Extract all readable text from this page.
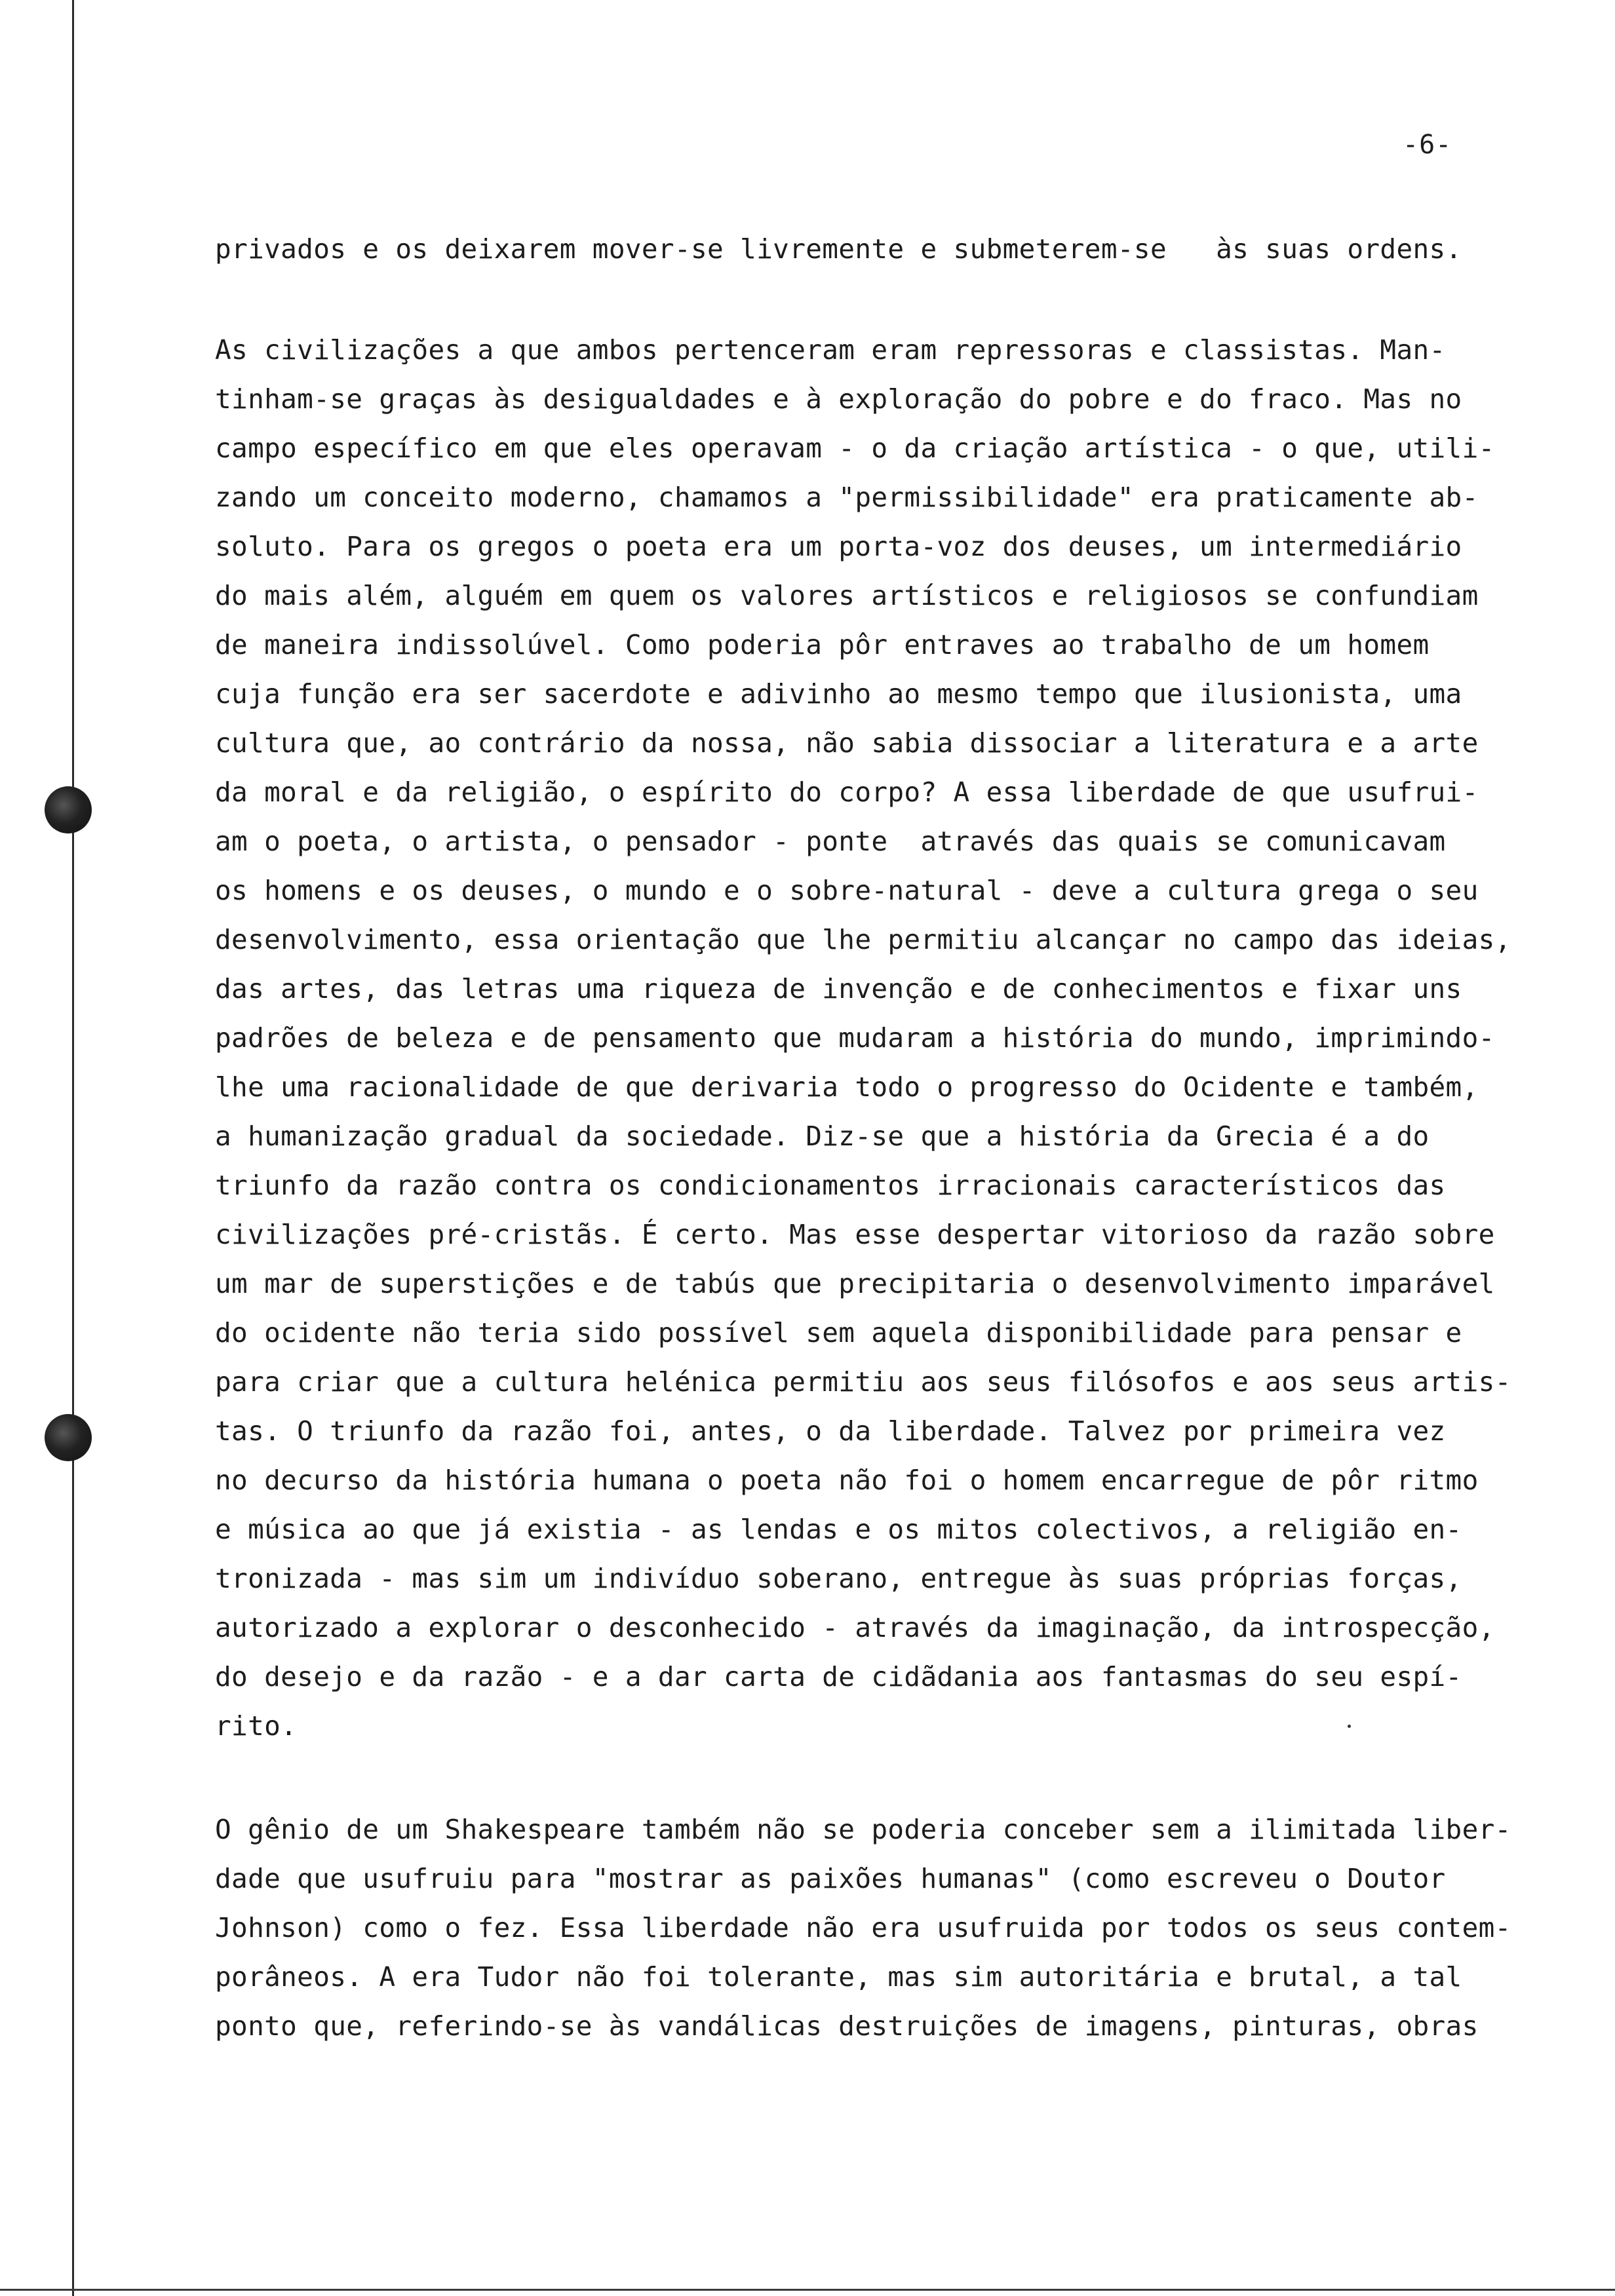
-6-
privados e os deixarem mover-se livremente e submeterem-se   às suas ordens.
As civilizações a que ambos pertenceram eram repressoras e classistas. Man-
tinham-se graças às desigualdades e à exploração do pobre e do fraco. Mas no
campo específico em que eles operavam - o da criação artística - o que, utili-
zando um conceito moderno, chamamos a "permissibilidade" era praticamente ab-
soluto. Para os gregos o poeta era um porta-voz dos deuses, um intermediário
do mais além, alguém em quem os valores artísticos e religiosos se confundiam
de maneira indissolúvel. Como poderia pôr entraves ao trabalho de um homem
cuja função era ser sacerdote e adivinho ao mesmo tempo que ilusionista, uma
cultura que, ao contrário da nossa, não sabia dissociar a literatura e a arte
da moral e da religião, o espírito do corpo? A essa liberdade de que usufrui-
am o poeta, o artista, o pensador - ponte  através das quais se comunicavam
os homens e os deuses, o mundo e o sobre-natural - deve a cultura grega o seu
desenvolvimento, essa orientação que lhe permitiu alcançar no campo das ideias,
das artes, das letras uma riqueza de invenção e de conhecimentos e fixar uns
padrões de beleza e de pensamento que mudaram a história do mundo, imprimindo-
lhe uma racionalidade de que derivaria todo o progresso do Ocidente e também,
a humanização gradual da sociedade. Diz-se que a história da Grecia é a do
triunfo da razão contra os condicionamentos irracionais característicos das
civilizações pré-cristãs. É certo. Mas esse despertar vitorioso da razão sobre
um mar de superstições e de tabús que precipitaria o desenvolvimento imparável
do ocidente não teria sido possível sem aquela disponibilidade para pensar e
para criar que a cultura helénica permitiu aos seus filósofos e aos seus artis-
tas. O triunfo da razão foi, antes, o da liberdade. Talvez por primeira vez
no decurso da história humana o poeta não foi o homem encarregue de pôr ritmo
e música ao que já existia - as lendas e os mitos colectivos, a religião en-
tronizada - mas sim um indivíduo soberano, entregue às suas próprias forças,
autorizado a explorar o desconhecido - através da imaginação, da introspecção,
do desejo e da razão - e a dar carta de cidãdania aos fantasmas do seu espí-
rito.
O gênio de um Shakespeare também não se poderia conceber sem a ilimitada liber-
dade que usufruiu para "mostrar as paixões humanas" (como escreveu o Doutor
Johnson) como o fez. Essa liberdade não era usufruida por todos os seus contem-
porâneos. A era Tudor não foi tolerante, mas sim autoritária e brutal, a tal
ponto que, referindo-se às vandálicas destruições de imagens, pinturas, obras
